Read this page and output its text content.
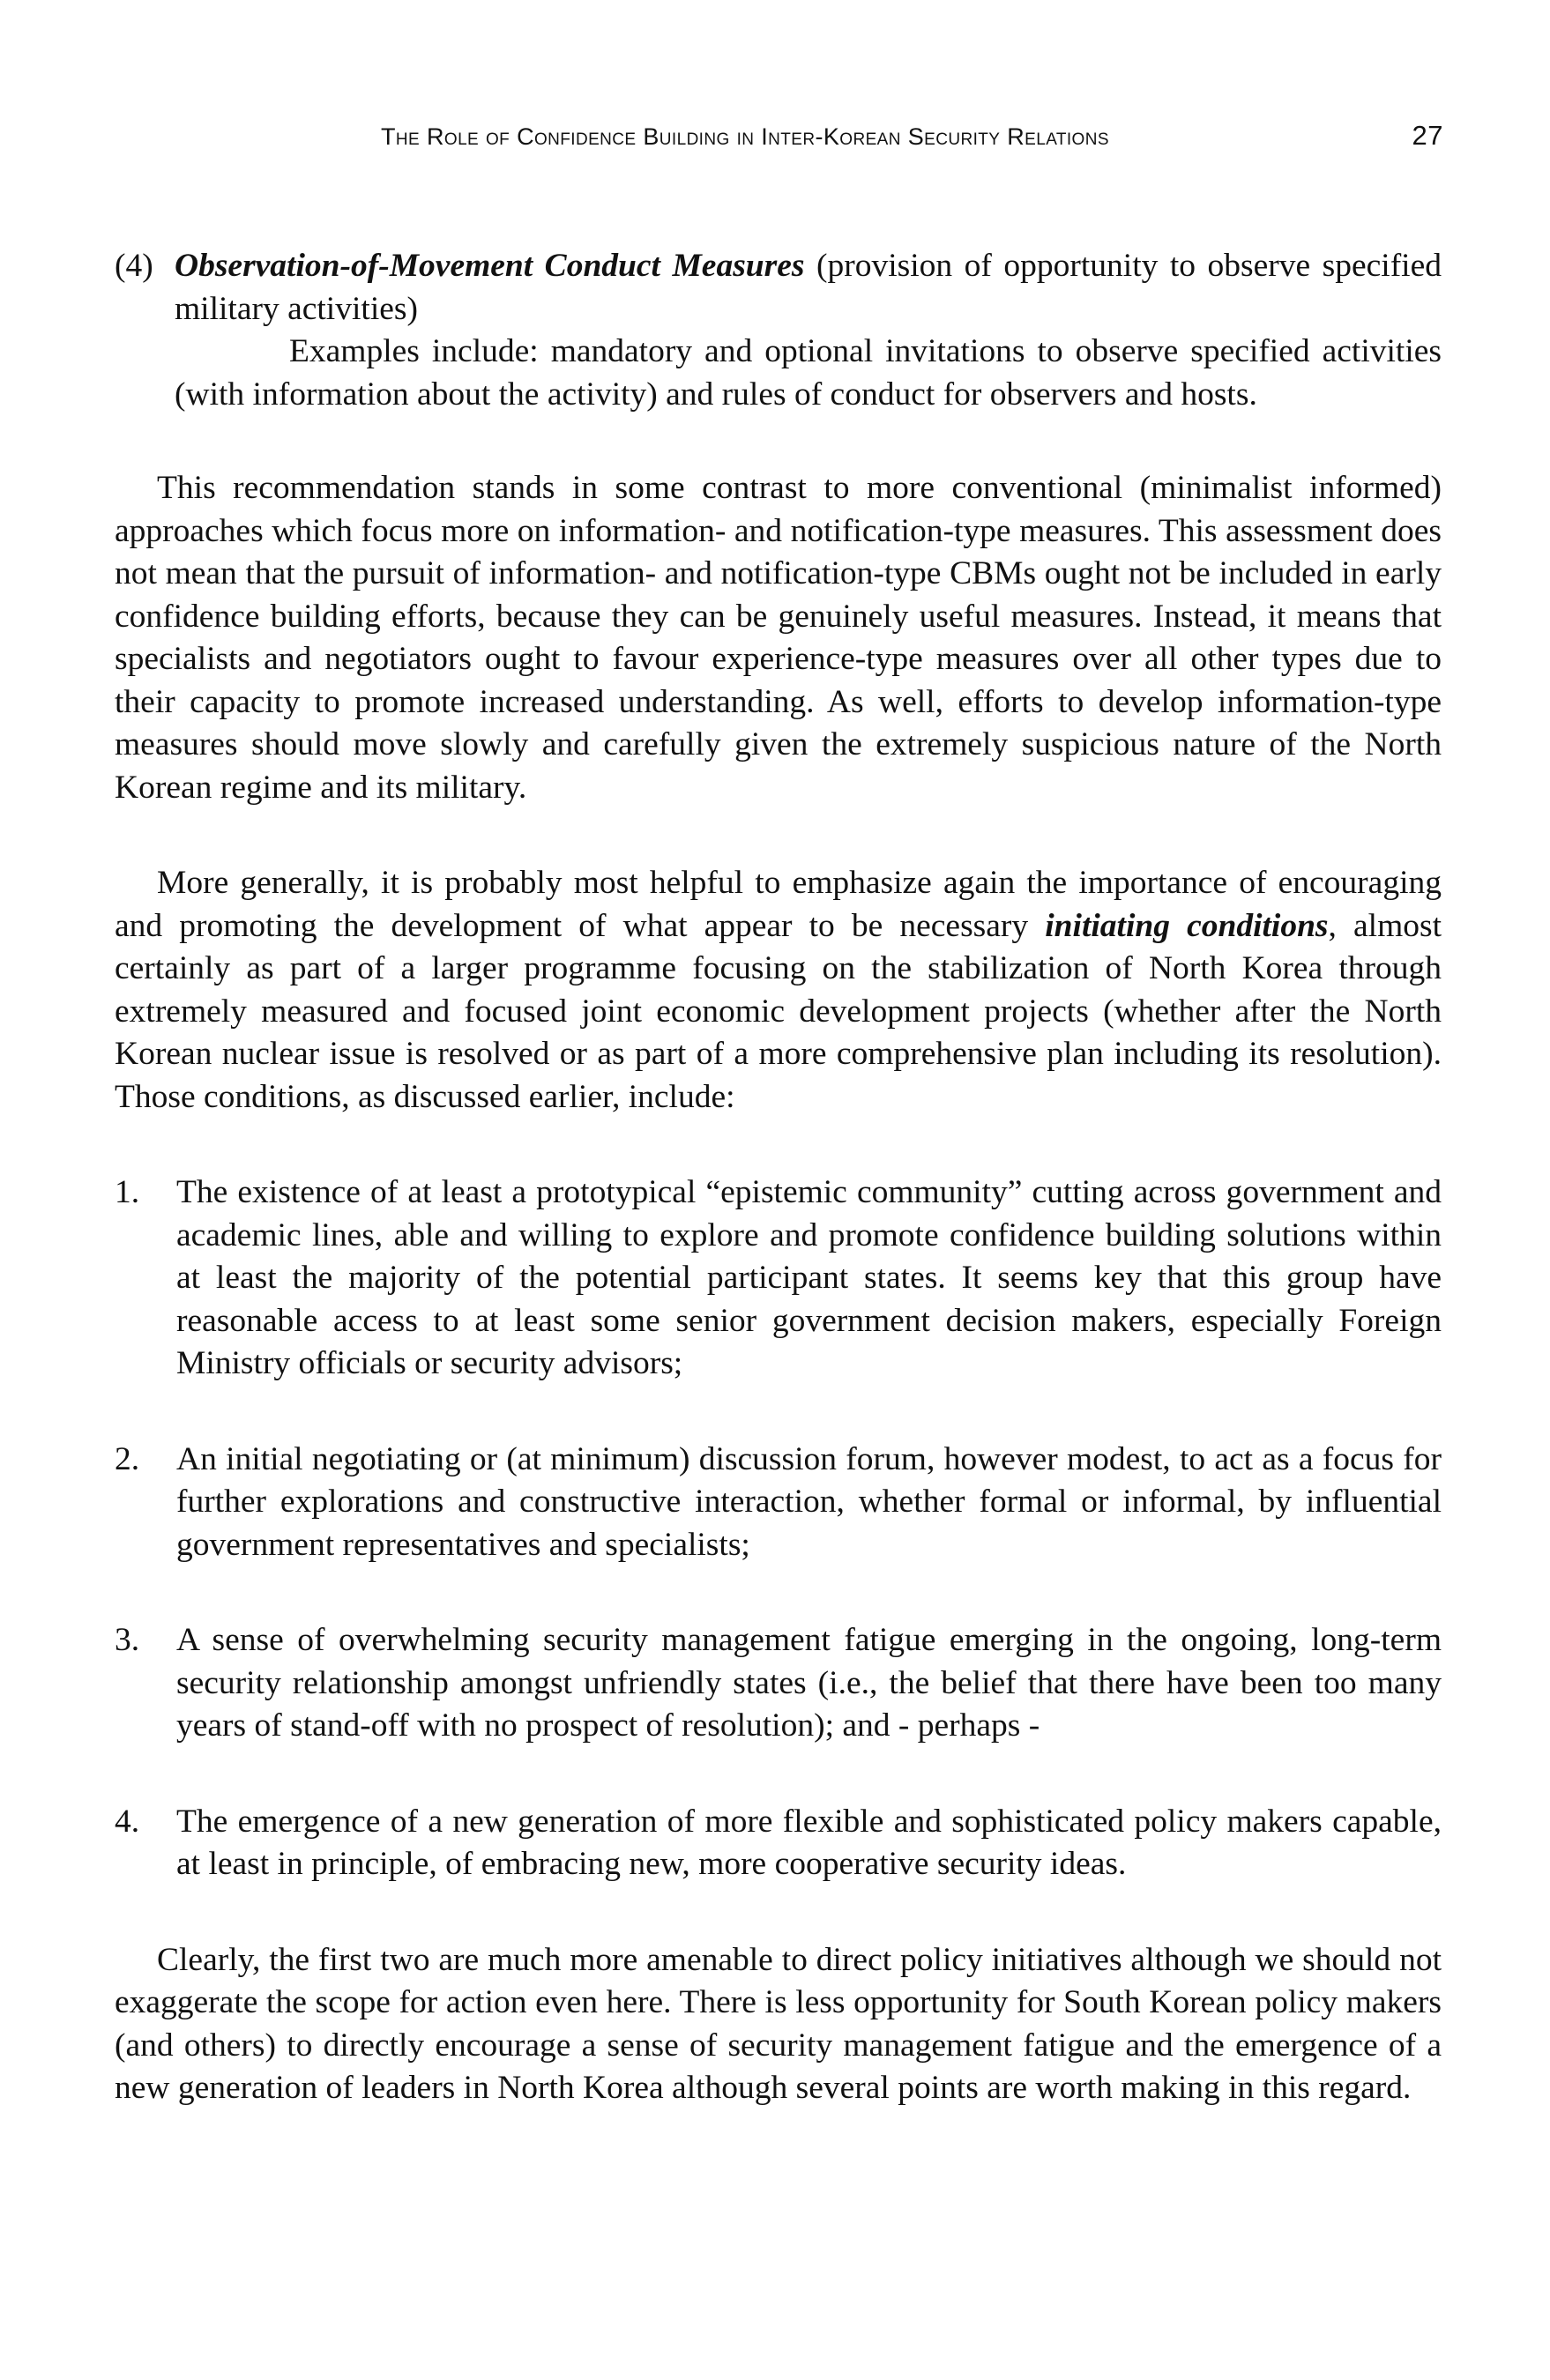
The Role of Confidence Building in Inter-Korean Security Relations	27
(4) Observation-of-Movement Conduct Measures (provision of opportunity to observe specified military activities)
Examples include: mandatory and optional invitations to observe specified activities (with information about the activity) and rules of conduct for observers and hosts.

This recommendation stands in some contrast to more conventional (minimalist informed) approaches which focus more on information- and notification-type measures. This assessment does not mean that the pursuit of information- and notification-type CBMs ought not be included in early confidence building efforts, because they can be genuinely useful measures. Instead, it means that specialists and negotiators ought to favour experience-type measures over all other types due to their capacity to promote increased understanding. As well, efforts to develop information-type measures should move slowly and carefully given the extremely suspicious nature of the North Korean regime and its military.

More generally, it is probably most helpful to emphasize again the importance of encouraging and promoting the development of what appear to be necessary initiating conditions, almost certainly as part of a larger programme focusing on the stabilization of North Korea through extremely measured and focused joint economic development projects (whether after the North Korean nuclear issue is resolved or as part of a more comprehensive plan including its resolution). Those conditions, as discussed earlier, include:

1.	The existence of at least a prototypical “epistemic community” cutting across government and academic lines, able and willing to explore and promote confidence building solutions within at least the majority of the potential participant states. It seems key that this group have reasonable access to at least some senior government decision makers, especially Foreign Ministry officials or security advisors;
2.	An initial negotiating or (at minimum) discussion forum, however modest, to act as a focus for further explorations and constructive interaction, whether formal or informal, by influential government representatives and specialists;
3.	A sense of overwhelming security management fatigue emerging in the ongoing, long-term security relationship amongst unfriendly states (i.e., the belief that there have been too many years of stand-off with no prospect of resolution); and - perhaps -
4.	The emergence of a new generation of more flexible and sophisticated policy makers capable, at least in principle, of embracing new, more cooperative security ideas.

Clearly, the first two are much more amenable to direct policy initiatives although we should not exaggerate the scope for action even here. There is less opportunity for South Korean policy makers (and others) to directly encourage a sense of security management fatigue and the emergence of a new generation of leaders in North Korea although several points are worth making in this regard.
